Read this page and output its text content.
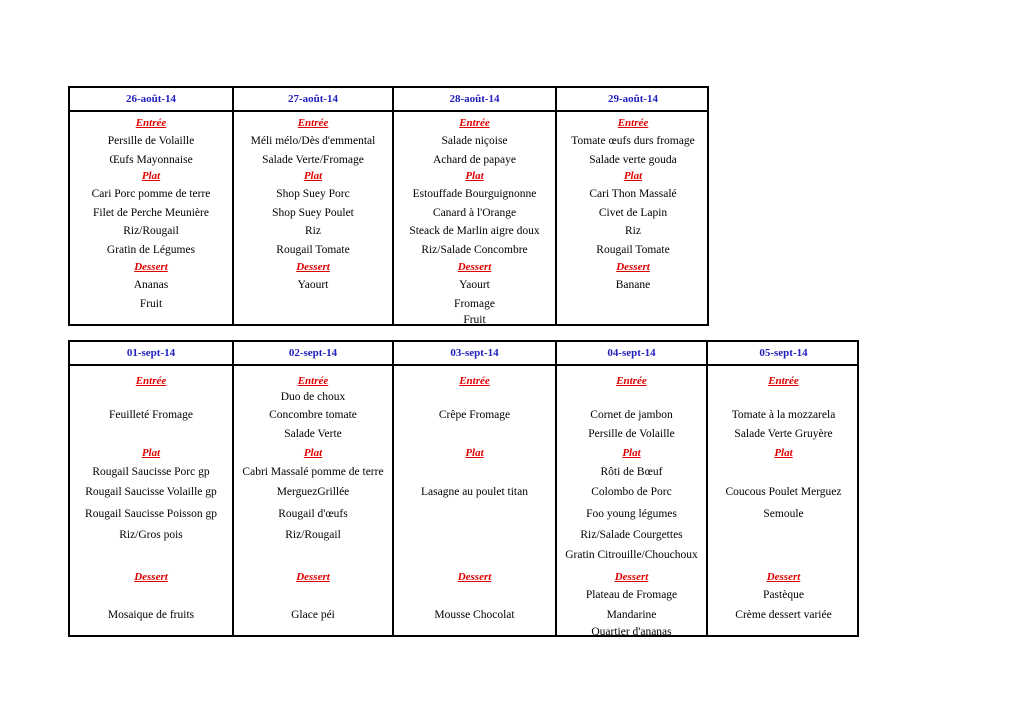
26-août-14
Entrée
Persille de Volaille
Œufs Mayonnaise
Plat
Cari Porc pomme de terre
Filet de Perche Meunière
Riz/Rougail
Gratin de Légumes
Dessert
Ananas
Fruit
27-août-14
Entrée
Méli mélo/Dès d'emmental
Salade Verte/Fromage
Plat
Shop Suey Porc
Shop Suey Poulet
Riz
Rougail Tomate
Dessert
Yaourt
28-août-14
Entrée
Salade niçoise
Achard de papaye
Plat
Estouffade Bourguignonne
Canard à l'Orange
Steack de Marlin aigre doux
Riz/Salade Concombre
Dessert
Yaourt
Fromage
Fruit
29-août-14
Entrée
Tomate œufs durs fromage
Salade verte gouda
Plat
Cari Thon Massalé
Civet de Lapin
Riz
Rougail Tomate
Dessert
Banane
01-sept-14
Entrée
Feuilleté Fromage
Plat
Rougail Saucisse Porc gp
Rougail Saucisse Volaille gp
Rougail Saucisse Poisson gp
Riz/Gros pois
Dessert
Mosaique de fruits
02-sept-14
Entrée
Duo de choux
Concombre tomate
Salade Verte
Plat
Cabri Massalé pomme de terre
MerguezGrillée
Rougail d'œufs
Riz/Rougail
Dessert
Glace péi
03-sept-14
Entrée
Crêpe Fromage
Plat
Lasagne au poulet titan
Dessert
Mousse Chocolat
04-sept-14
Entrée
Cornet de jambon
Persille de Volaille
Plat
Rôti de Bœuf
Colombo de Porc
Foo young légumes
Riz/Salade Courgettes
Gratin Citrouille/Chouchoux
Dessert
Plateau de Fromage
Mandarine
Quartier d'ananas
05-sept-14
Entrée
Tomate à la mozzarela
Salade Verte Gruyère
Plat
Coucous Poulet Merguez
Semoule
Dessert
Pastèque
Crème dessert variée
